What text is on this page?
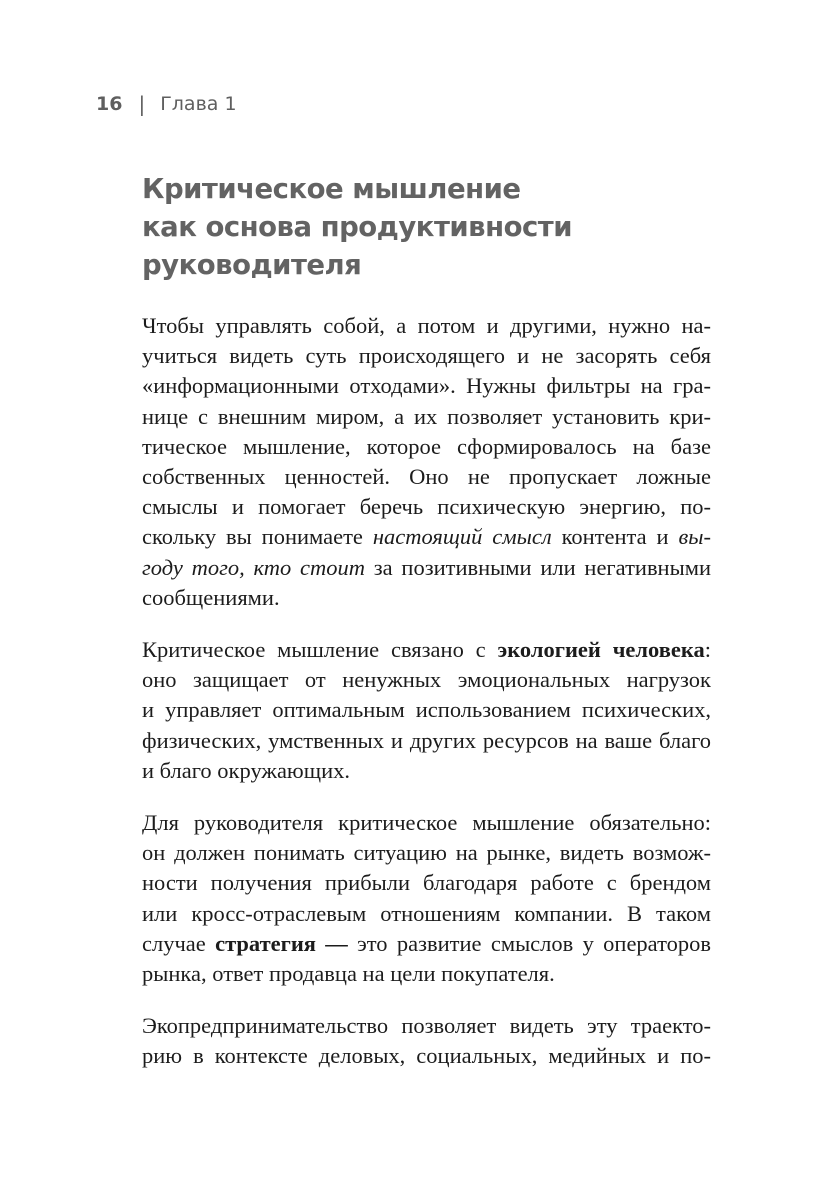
16 | Глава 1
Критическое мышление
как основа продуктивности
руководителя

Чтобы управлять собой, а потом и другими, нужно на-
учиться видеть суть происходящего и не засорять себя
«информационными отходами». Нужны фильтры на гра-
нице с внешним миром, а их позволяет установить кри-
тическое мышление, которое сформировалось на базе
собственных ценностей. Оно не пропускает ложные
смыслы и помогает беречь психическую энергию, по-
скольку вы понимаете настоящий смысл контента и вы-
году того, кто стоит за позитивными или негативными
сообщениями.

Критическое мышление связано с экологией человека:
оно защищает от ненужных эмоциональных нагрузок
и управляет оптимальным использованием психических,
физических, умственных и других ресурсов на ваше благо
и благо окружающих.

Для руководителя критическое мышление обязательно:
он должен понимать ситуацию на рынке, видеть возмож-
ности получения прибыли благодаря работе с брендом
или кросс-отраслевым отношениям компании. В таком
случае стратегия — это развитие смыслов у операторов
рынка, ответ продавца на цели покупателя.

Экопредпринимательство позволяет видеть эту траекто-
рию в контексте деловых, социальных, медийных и по-
